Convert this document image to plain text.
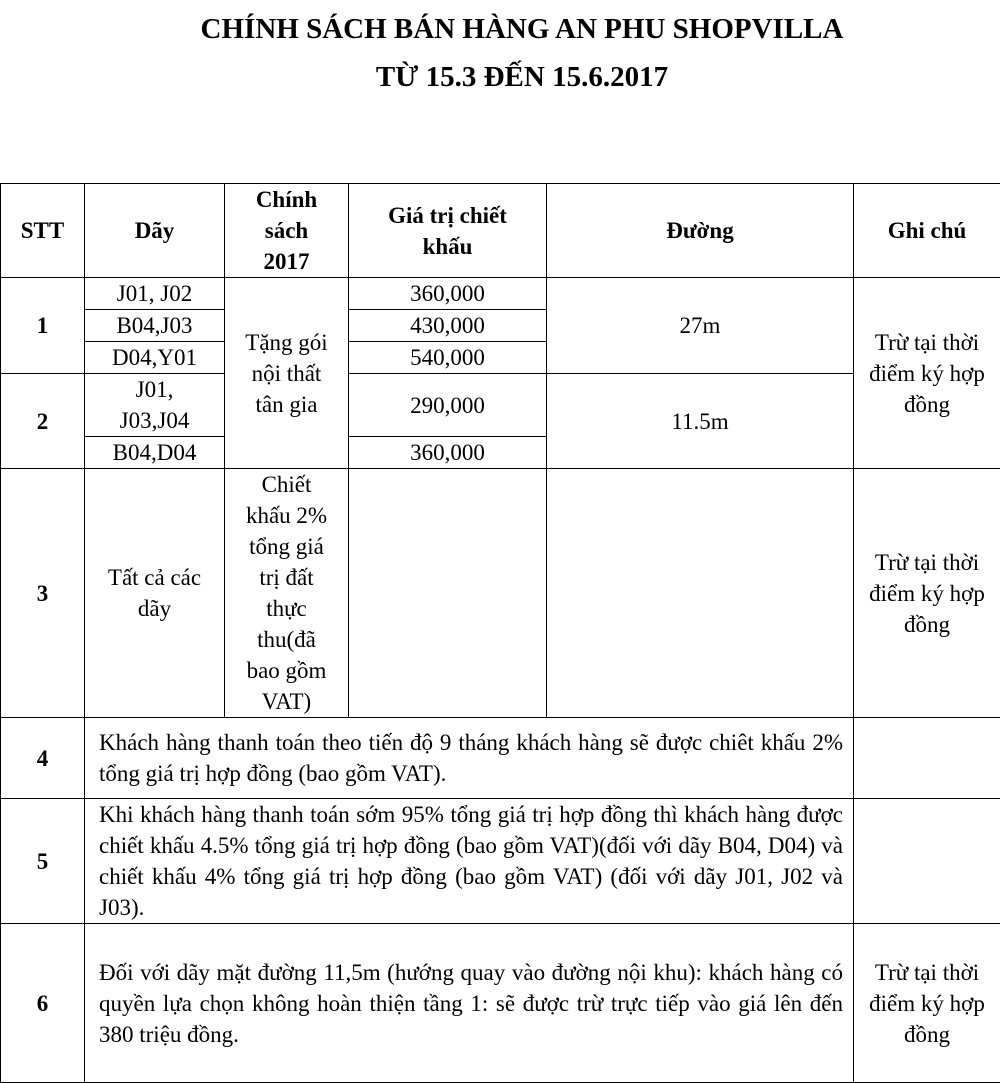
CHÍNH SÁCH BÁN HÀNG AN PHU SHOPVILLA
TỪ 15.3 ĐẾN 15.6.2017
STT	Dãy	Chính sách 2017	Giá trị chiết khấu	Đường	Ghi chú
1	J01, J02	Tặng gói nội thất tân gia	360,000	27m	Trừ tại thời điểm ký hợp đồng
	B04,J03		430,000		
	D04,Y01		540,000		
2	J01, J03,J04		290,000	11.5m	
	B04,D04		360,000		
3	Tất cả các dãy	Chiết khấu 2% tổng giá trị đất thực thu(đã bao gồm VAT)			Trừ tại thời điểm ký hợp đồng
4	Khách hàng thanh toán theo tiến độ 9 tháng khách hàng sẽ được chiêt khấu 2% tổng giá trị hợp đồng (bao gồm VAT).				
5	Khi khách hàng thanh toán sớm 95% tổng giá trị hợp đồng thì khách hàng được chiết khấu 4.5% tổng giá trị hợp đồng (bao gồm VAT)(đối với dãy B04, D04) và chiết khấu 4% tổng giá trị hợp đồng (bao gồm VAT) (đối với dãy J01, J02 và J03).				
6	Đối với dãy mặt đường 11,5m (hướng quay vào đường nội khu): khách hàng có quyền lựa chọn không hoàn thiện tầng 1: sẽ được trừ trực tiếp vào giá lên đến 380 triệu đồng.				Trừ tại thời điểm ký hợp đồng
